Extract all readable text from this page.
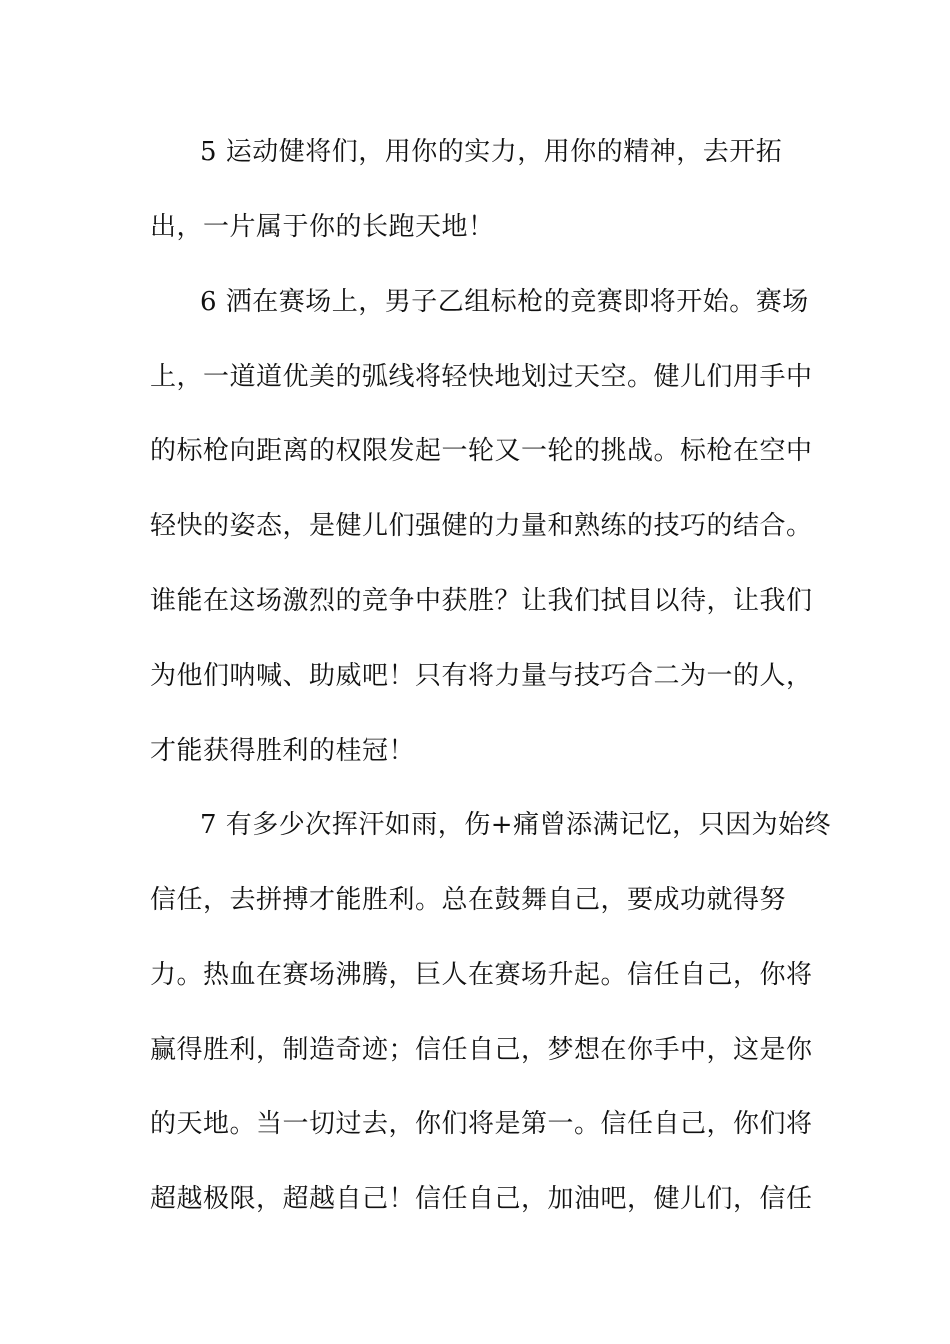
5 运动健将们，用你的实力，用你的精神，去开拓
出，一片属于你的长跑天地！
6 洒在赛场上，男子乙组标枪的竞赛即将开始。赛场
上，一道道优美的弧线将轻快地划过天空。健儿们用手中
的标枪向距离的权限发起一轮又一轮的挑战。标枪在空中
轻快的姿态，是健儿们强健的力量和熟练的技巧的结合。
谁能在这场激烈的竞争中获胜？让我们拭目以待，让我们
为他们呐喊、助威吧！只有将力量与技巧合二为一的人，
才能获得胜利的桂冠！
7 有多少次挥汗如雨，伤+痛曾添满记忆，只因为始终
信任，去拼搏才能胜利。总在鼓舞自己，要成功就得努
力。热血在赛场沸腾，巨人在赛场升起。信任自己，你将
赢得胜利，制造奇迹；信任自己，梦想在你手中，这是你
的天地。当一切过去，你们将是第一。信任自己，你们将
超越极限，超越自己！信任自己，加油吧，健儿们，信任
